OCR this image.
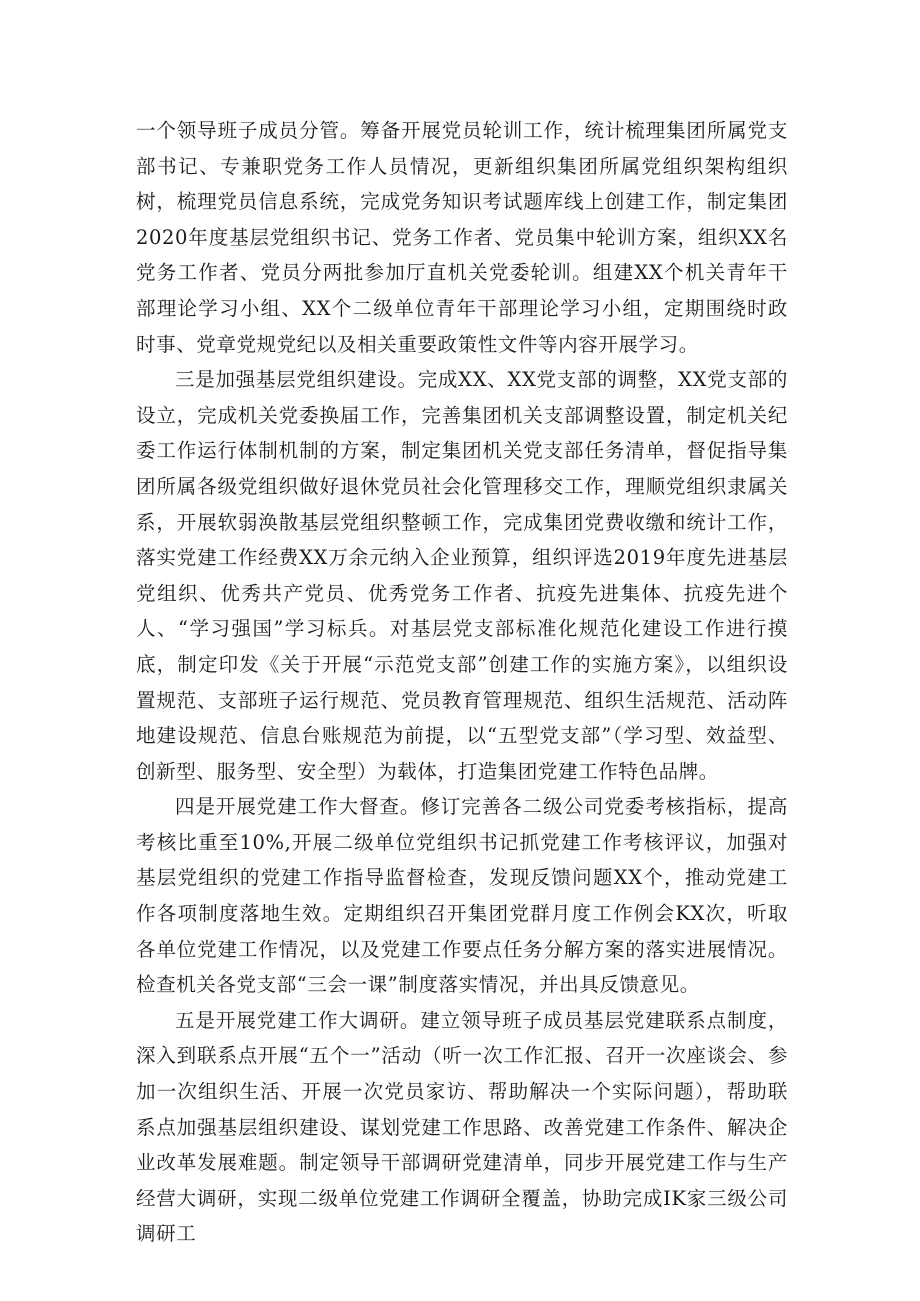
一个领导班子成员分管。筹备开展党员轮训工作，统计梳理集团所属党支部书记、专兼职党务工作人员情况，更新组织集团所属党组织架构组织树，梳理党员信息系统，完成党务知识考试题库线上创建工作，制定集团2020年度基层党组织书记、党务工作者、党员集中轮训方案，组织XX名党务工作者、党员分两批参加厅直机关党委轮训。组建XX个机关青年干部理论学习小组、XX个二级单位青年干部理论学习小组，定期围绕时政时事、党章党规党纪以及相关重要政策性文件等内容开展学习。

三是加强基层党组织建设。完成XX、XX党支部的调整，XX党支部的设立，完成机关党委换届工作，完善集团机关支部调整设置，制定机关纪委工作运行体制机制的方案，制定集团机关党支部任务清单，督促指导集团所属各级党组织做好退休党员社会化管理移交工作，理顺党组织隶属关系，开展软弱涣散基层党组织整顿工作，完成集团党费收缴和统计工作，落实党建工作经费XX万余元纳入企业预算，组织评选2019年度先进基层党组织、优秀共产党员、优秀党务工作者、抗疫先进集体、抗疫先进个人、“学习强国”学习标兵。对基层党支部标准化规范化建设工作进行摸底，制定印发《关于开展“示范党支部”创建工作的实施方案》，以组织设置规范、支部班子运行规范、党员教育管理规范、组织生活规范、活动阵地建设规范、信息台账规范为前提，以“五型党支部”（学习型、效益型、创新型、服务型、安全型）为载体，打造集团党建工作特色品牌。

四是开展党建工作大督查。修订完善各二级公司党委考核指标，提高考核比重至10%,开展二级单位党组织书记抓党建工作考核评议，加强对基层党组织的党建工作指导监督检查，发现反馈问题XX个，推动党建工作各项制度落地生效。定期组织召开集团党群月度工作例会KX次，听取各单位党建工作情况，以及党建工作要点任务分解方案的落实进展情况。检查机关各党支部“三会一课”制度落实情况，并出具反馈意见。

五是开展党建工作大调研。建立领导班子成员基层党建联系点制度，深入到联系点开展“五个一”活动（听一次工作汇报、召开一次座谈会、参加一次组织生活、开展一次党员家访、帮助解决一个实际问题），帮助联系点加强基层组织建设、谋划党建工作思路、改善党建工作条件、解决企业改革发展难题。制定领导干部调研党建清单，同步开展党建工作与生产经营大调研，实现二级单位党建工作调研全覆盖，协助完成IK家三级公司调研工
